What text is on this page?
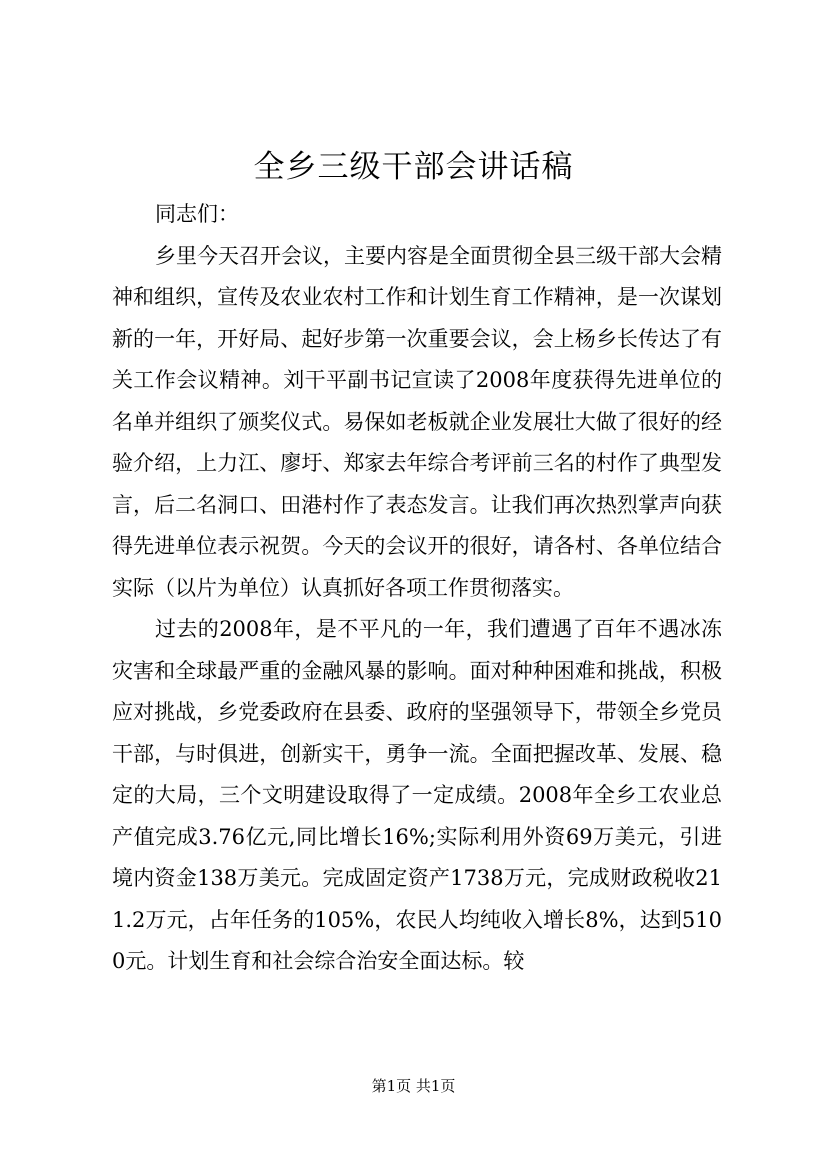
全乡三级干部会讲话稿

同志们：

乡里今天召开会议，主要内容是全面贯彻全县三级干部大会精神和组织，宣传及农业农村工作和计划生育工作精神，是一次谋划新的一年，开好局、起好步第一次重要会议，会上杨乡长传达了有关工作会议精神。刘干平副书记宣读了2008年度获得先进单位的名单并组织了颁奖仪式。易保如老板就企业发展壮大做了很好的经验介绍，上力江、廖圩、郑家去年综合考评前三名的村作了典型发言，后二名洞口、田港村作了表态发言。让我们再次热烈掌声向获得先进单位表示祝贺。今天的会议开的很好，请各村、各单位结合实际（以片为单位）认真抓好各项工作贯彻落实。

过去的2008年，是不平凡的一年，我们遭遇了百年不遇冰冻灾害和全球最严重的金融风暴的影响。面对种种困难和挑战，积极应对挑战，乡党委政府在县委、政府的坚强领导下，带领全乡党员干部，与时俱进，创新实干，勇争一流。全面把握改革、发展、稳定的大局，三个文明建设取得了一定成绩。2008年全乡工农业总产值完成3.76亿元,同比增长16%;实际利用外资69万美元，引进境内资金138万美元。完成固定资产1738万元，完成财政税收211.2万元，占年任务的105%，农民人均纯收入增长8%，达到5100元。计划生育和社会综合治安全面达标。较

第1页 共1页
